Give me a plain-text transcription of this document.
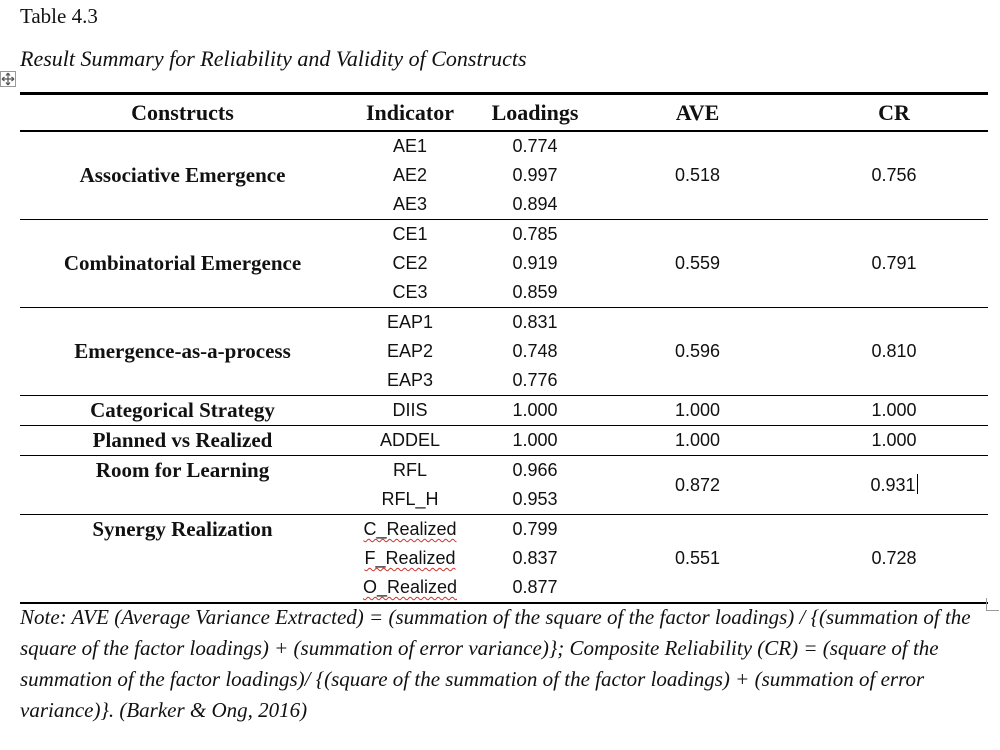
Table 4.3
Result Summary for Reliability and Validity of Constructs
Constructs	Indicator	Loadings	AVE	CR
Associative Emergence	AE1	0.774	0.518	0.756
	AE2	0.997		
	AE3	0.894		
Combinatorial Emergence	CE1	0.785	0.559	0.791
	CE2	0.919		
	CE3	0.859		
Emergence-as-a-process	EAP1	0.831	0.596	0.810
	EAP2	0.748		
	EAP3	0.776		
Categorical Strategy	DIIS	1.000	1.000	1.000
Planned vs Realized	ADDEL	1.000	1.000	1.000
Room for Learning	RFL	0.966	0.872	0.931
	RFL_H	0.953		
Synergy Realization	C_Realized	0.799	0.551	0.728
	F_Realized	0.837		
	O_Realized	0.877		
Note: AVE (Average Variance Extracted) = (summation of the square of the factor loadings) / {(summation of the square of the factor loadings) + (summation of error variance)}; Composite Reliability (CR) = (square of the summation of the factor loadings)/ {(square of the summation of the factor loadings) + (summation of error variance)}. (Barker & Ong, 2016)
